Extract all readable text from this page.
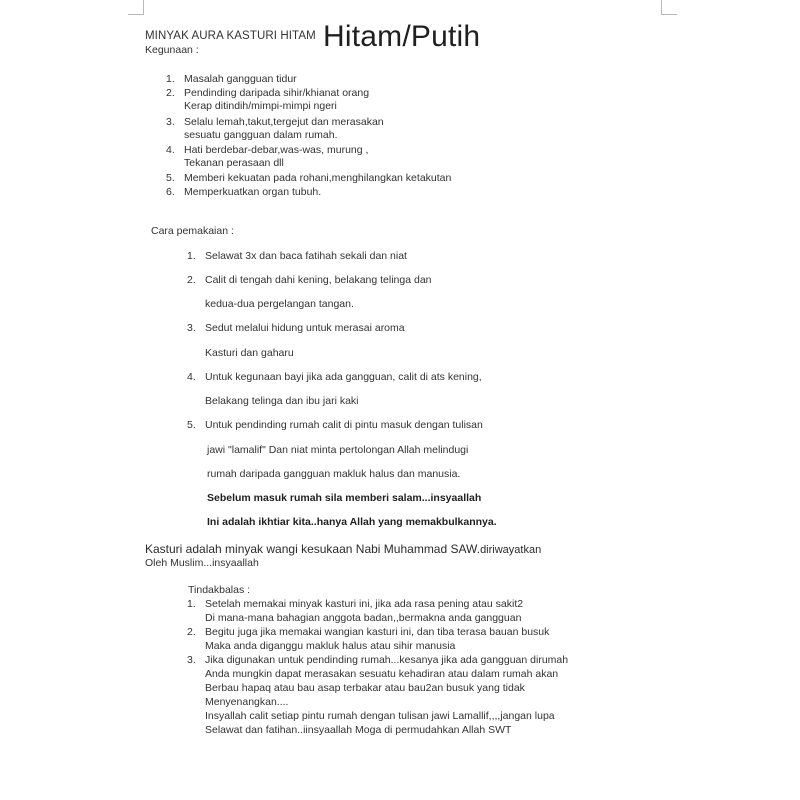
MINYAK AURA KASTURI HITAM Hitam/Putih
Kegunaan :
1. Masalah gangguan tidur
2. Pendinding daripada sihir/khianat orang
Kerap ditindih/mimpi-mimpi ngeri
3. Selalu lemah,takut,tergejut dan merasakan
sesuatu gangguan dalam rumah.
4. Hati berdebar-debar,was-was, murung ,
Tekanan perasaan dll
5. Memberi kekuatan pada rohani,menghilangkan ketakutan
6. Memperkuatkan organ tubuh.
Cara pemakaian :
1. Selawat 3x dan baca fatihah sekali dan niat
2. Calit di tengah dahi kening, belakang telinga dan
kedua-dua pergelangan tangan.
3. Sedut melalui hidung untuk merasai aroma
Kasturi dan gaharu
4. Untuk kegunaan bayi jika ada gangguan, calit di ats kening,
Belakang telinga dan ibu jari kaki
5. Untuk pendinding rumah calit di pintu masuk dengan tulisan
jawi "lamalif" Dan niat minta pertolongan Allah melindugi
rumah daripada gangguan makluk halus dan manusia.
Sebelum masuk rumah sila memberi salam...insyaallah
Ini adalah ikhtiar kita..hanya Allah yang memakbulkannya.
Kasturi adalah minyak wangi kesukaan Nabi Muhammad SAW.diriwayatkan
Oleh Muslim...insyaallah
Tindakbalas :
1. Setelah memakai minyak kasturi ini, jika ada rasa pening atau sakit2
Di mana-mana bahagian anggota badan,,bermakna anda gangguan
2. Begitu juga jika memakai wangian kasturi ini, dan tiba terasa bauan busuk
Maka anda diganggu makluk halus atau sihir manusia
3. Jika digunakan untuk pendinding rumah...kesanya jika ada gangguan dirumah
Anda mungkin dapat merasakan sesuatu kehadiran atau dalam rumah akan
Berbau hapaq atau bau asap terbakar atau bau2an busuk yang tidak
Menyenangkan....
Insyallah calit setiap pintu rumah dengan tulisan jawi Lamallif,,,,jangan lupa
Selawat dan fatihan..iinsyaallah Moga di permudahkan Allah SWT
